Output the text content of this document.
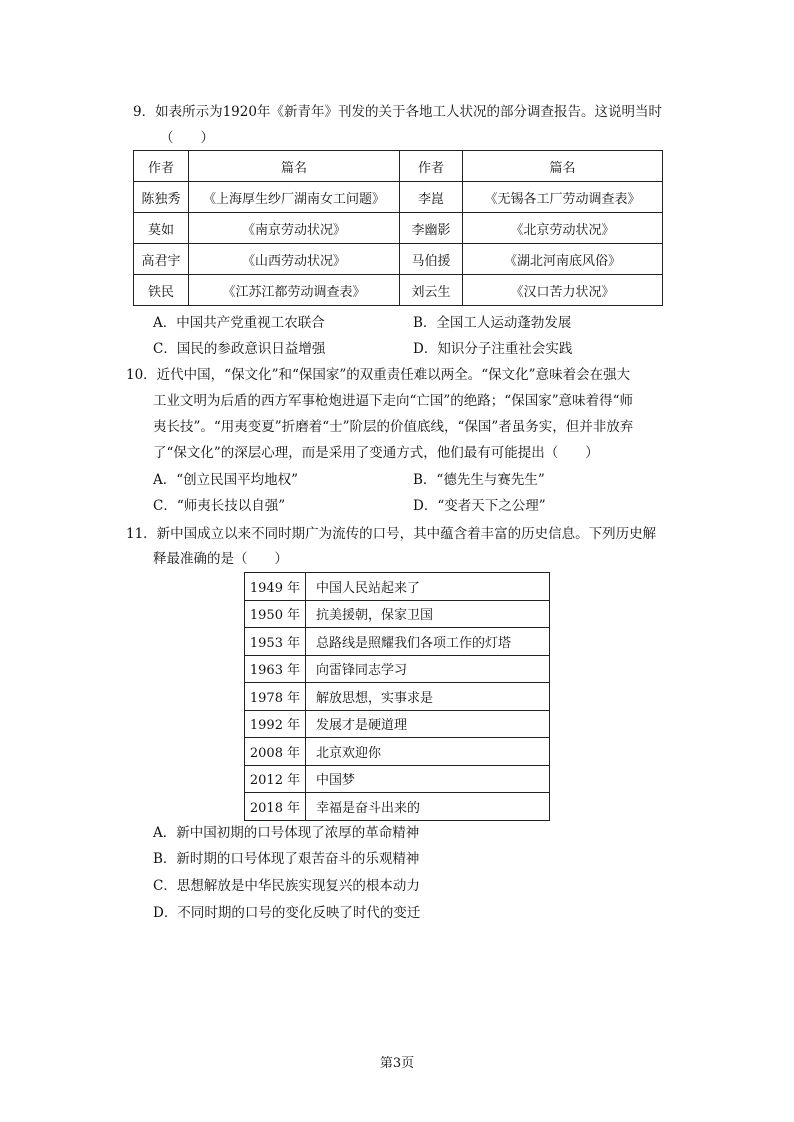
9．如表所示为1920年《新青年》刊发的关于各地工人状况的部分调查报告。这说明当时
（　　）
作者	篇名	作者	篇名
陈独秀	《上海厚生纱厂湖南女工问题》	李崑	《无锡各工厂劳动调查表》
莫如	《南京劳动状况》	李幽影	《北京劳动状况》
高君宇	《山西劳动状况》	马伯援	《湖北河南底风俗》
铁民	《江苏江都劳动调查表》	刘云生	《汉口苦力状况》
A．中国共产党重视工农联合	B．全国工人运动蓬勃发展
C．国民的参政意识日益增强	D．知识分子注重社会实践
10．近代中国，“保文化”和“保国家”的双重责任难以两全。“保文化”意味着会在强大
工业文明为后盾的西方军事枪炮进逼下走向“亡国”的绝路；“保国家”意味着得“师
夷长技”。“用夷变夏”折磨着“士”阶层的价值底线，“保国”者虽务实，但并非放弃
了“保文化”的深层心理，而是采用了变通方式，他们最有可能提出（　　）
A．“创立民国平均地权”	B．“德先生与赛先生”
C．“师夷长技以自强”	D．“变者天下之公理”
11．新中国成立以来不同时期广为流传的口号，其中蕴含着丰富的历史信息。下列历史解
释最准确的是（　　）
1949 年	中国人民站起来了
1950 年	抗美援朝，保家卫国
1953 年	总路线是照耀我们各项工作的灯塔
1963 年	向雷锋同志学习
1978 年	解放思想，实事求是
1992 年	发展才是硬道理
2008 年	北京欢迎你
2012 年	中国梦
2018 年	幸福是奋斗出来的
A．新中国初期的口号体现了浓厚的革命精神
B．新时期的口号体现了艰苦奋斗的乐观精神
C．思想解放是中华民族实现复兴的根本动力
D．不同时期的口号的变化反映了时代的变迁
第3页
